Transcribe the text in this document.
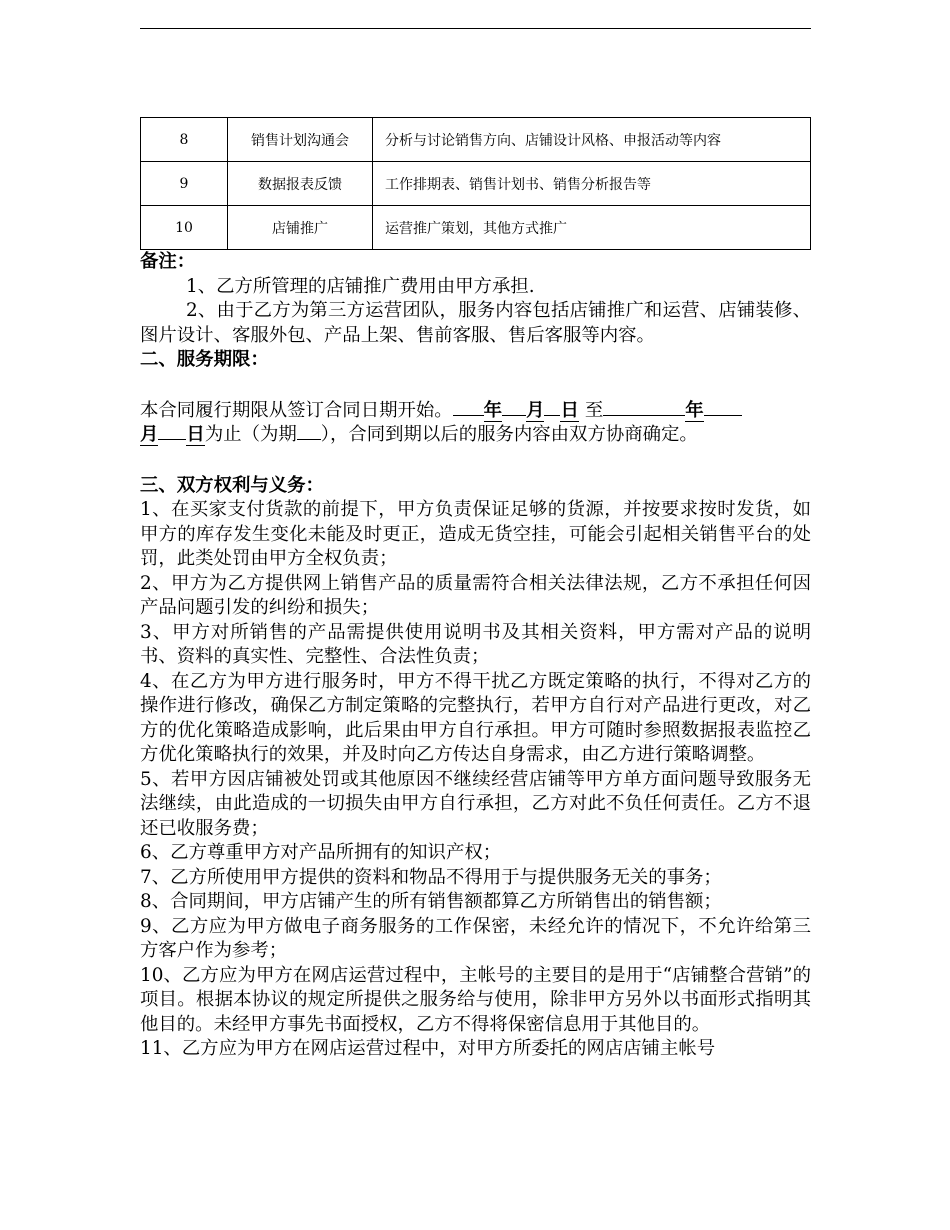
8	销售计划沟通会	分析与讨论销售方向、店铺设计风格、申报活动等内容
9	数据报表反馈	工作排期表、销售计划书、销售分析报告等
10	店铺推广	运营推广策划，其他方式推广

备注：

1、乙方所管理的店铺推广费用由甲方承担.

2、由于乙方为第三方运营团队，服务内容包括店铺推广和运营、店铺装修、图片设计、客服外包、产品上架、售前客服、售后客服等内容。

二、服务期限：

本合同履行期限从签订合同日期开始。 年 月 日 至	年
月 日为止（为期 ），合同到期以后的服务内容由双方协商确定。

三、双方权利与义务：

1、在买家支付货款的前提下，甲方负责保证足够的货源，并按要求按时发货，如甲方的库存发生变化未能及时更正，造成无货空挂，可能会引起相关销售平台的处罚，此类处罚由甲方全权负责；

2、甲方为乙方提供网上销售产品的质量需符合相关法律法规，乙方不承担任何因产品问题引发的纠纷和损失；

3、甲方对所销售的产品需提供使用说明书及其相关资料，甲方需对产品的说明书、资料的真实性、完整性、合法性负责；

4、在乙方为甲方进行服务时，甲方不得干扰乙方既定策略的执行，不得对乙方的操作进行修改，确保乙方制定策略的完整执行，若甲方自行对产品进行更改，对乙方的优化策略造成影响，此后果由甲方自行承担。甲方可随时参照数据报表监控乙方优化策略执行的效果，并及时向乙方传达自身需求，由乙方进行策略调整。

5、若甲方因店铺被处罚或其他原因不继续经营店铺等甲方单方面问题导致服务无法继续，由此造成的一切损失由甲方自行承担，乙方对此不负任何责任。乙方不退还已收服务费；

6、乙方尊重甲方对产品所拥有的知识产权；

7、乙方所使用甲方提供的资料和物品不得用于与提供服务无关的事务；

8、合同期间，甲方店铺产生的所有销售额都算乙方所销售出的销售额；

9、乙方应为甲方做电子商务服务的工作保密，未经允许的情况下，不允许给第三方客户作为参考；

10、乙方应为甲方在网店运营过程中，主帐号的主要目的是用于“店铺整合营销”的项目。根据本协议的规定所提供之服务给与使用，除非甲方另外以书面形式指明其他目的。未经甲方事先书面授权，乙方不得将保密信息用于其他目的。

11、乙方应为甲方在网店运营过程中，对甲方所委托的网店店铺主帐号
